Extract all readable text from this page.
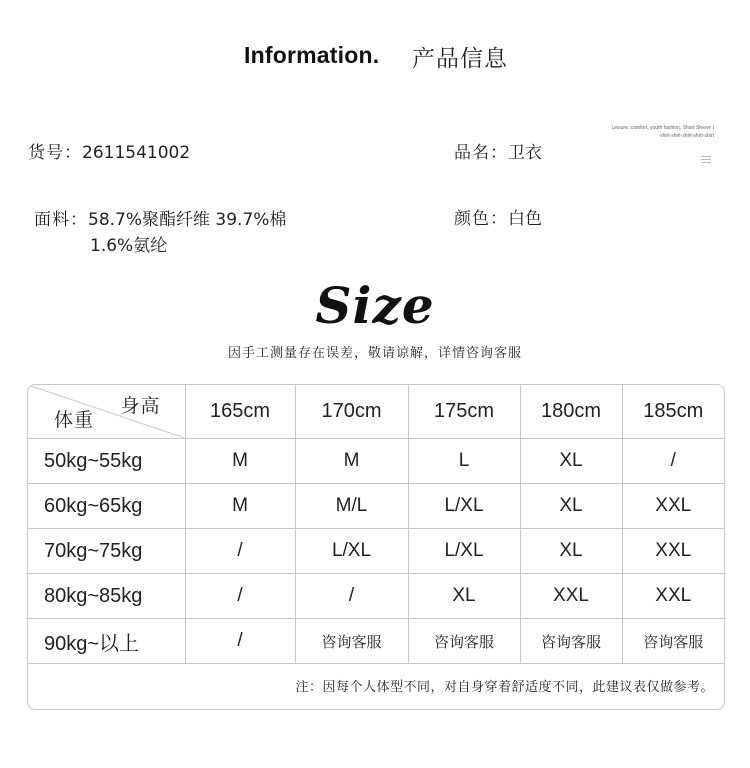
Information. 产品信息
货号：2611541002	品名：卫衣
面料：58.7%聚酯纤维 39.7%棉
1.6%氨纶
颜色：白色
Leisure, comfort, youth fashion, Short Sleeve t
-shirt-shirt-shirt-shirt-shirt
Size
因手工测量存在误差，敬请谅解，详情咨询客服
身高
体重	165cm	170cm	175cm	180cm	185cm
50kg~55kg	M	M	L	XL	/
60kg~65kg	M	M/L	L/XL	XL	XXL
70kg~75kg	/	L/XL	L/XL	XL	XXL
80kg~85kg	/	/	XL	XXL	XXL
90kg~以上	/	咨询客服	咨询客服	咨询客服	咨询客服
注：因每个人体型不同，对自身穿着舒适度不同，此建议表仅做参考。
